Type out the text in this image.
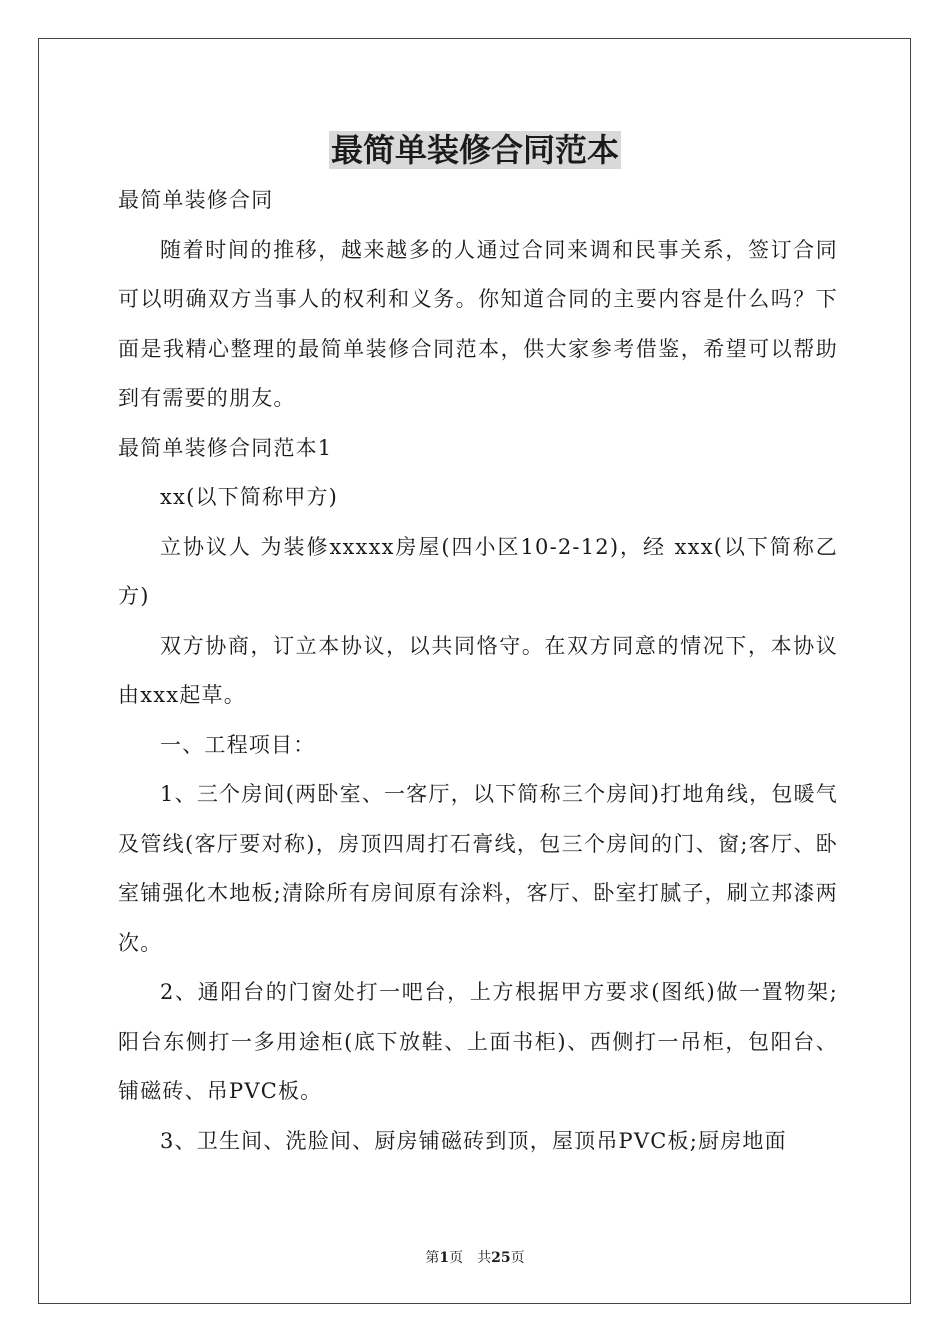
最简单装修合同范本

最简单装修合同

随着时间的推移，越来越多的人通过合同来调和民事关系，签订合同可以明确双方当事人的权利和义务。你知道合同的主要内容是什么吗？下面是我精心整理的最简单装修合同范本，供大家参考借鉴，希望可以帮助到有需要的朋友。

最简单装修合同范本1

xx(以下简称甲方)

立协议人 为装修xxxxx房屋(四小区10-2-12)，经 xxx(以下简称乙方)

双方协商，订立本协议，以共同恪守。在双方同意的情况下，本协议由xxx起草。

一、工程项目：

1、三个房间(两卧室、一客厅，以下简称三个房间)打地角线，包暖气及管线(客厅要对称)，房顶四周打石膏线，包三个房间的门、窗;客厅、卧室铺强化木地板;清除所有房间原有涂料，客厅、卧室打腻子，刷立邦漆两次。

2、通阳台的门窗处打一吧台，上方根据甲方要求(图纸)做一置物架;阳台东侧打一多用途柜(底下放鞋、上面书柜)、西侧打一吊柜，包阳台、铺磁砖、吊PVC板。

3、卫生间、洗脸间、厨房铺磁砖到顶，屋顶吊PVC板;厨房地面

第1页　共25页
